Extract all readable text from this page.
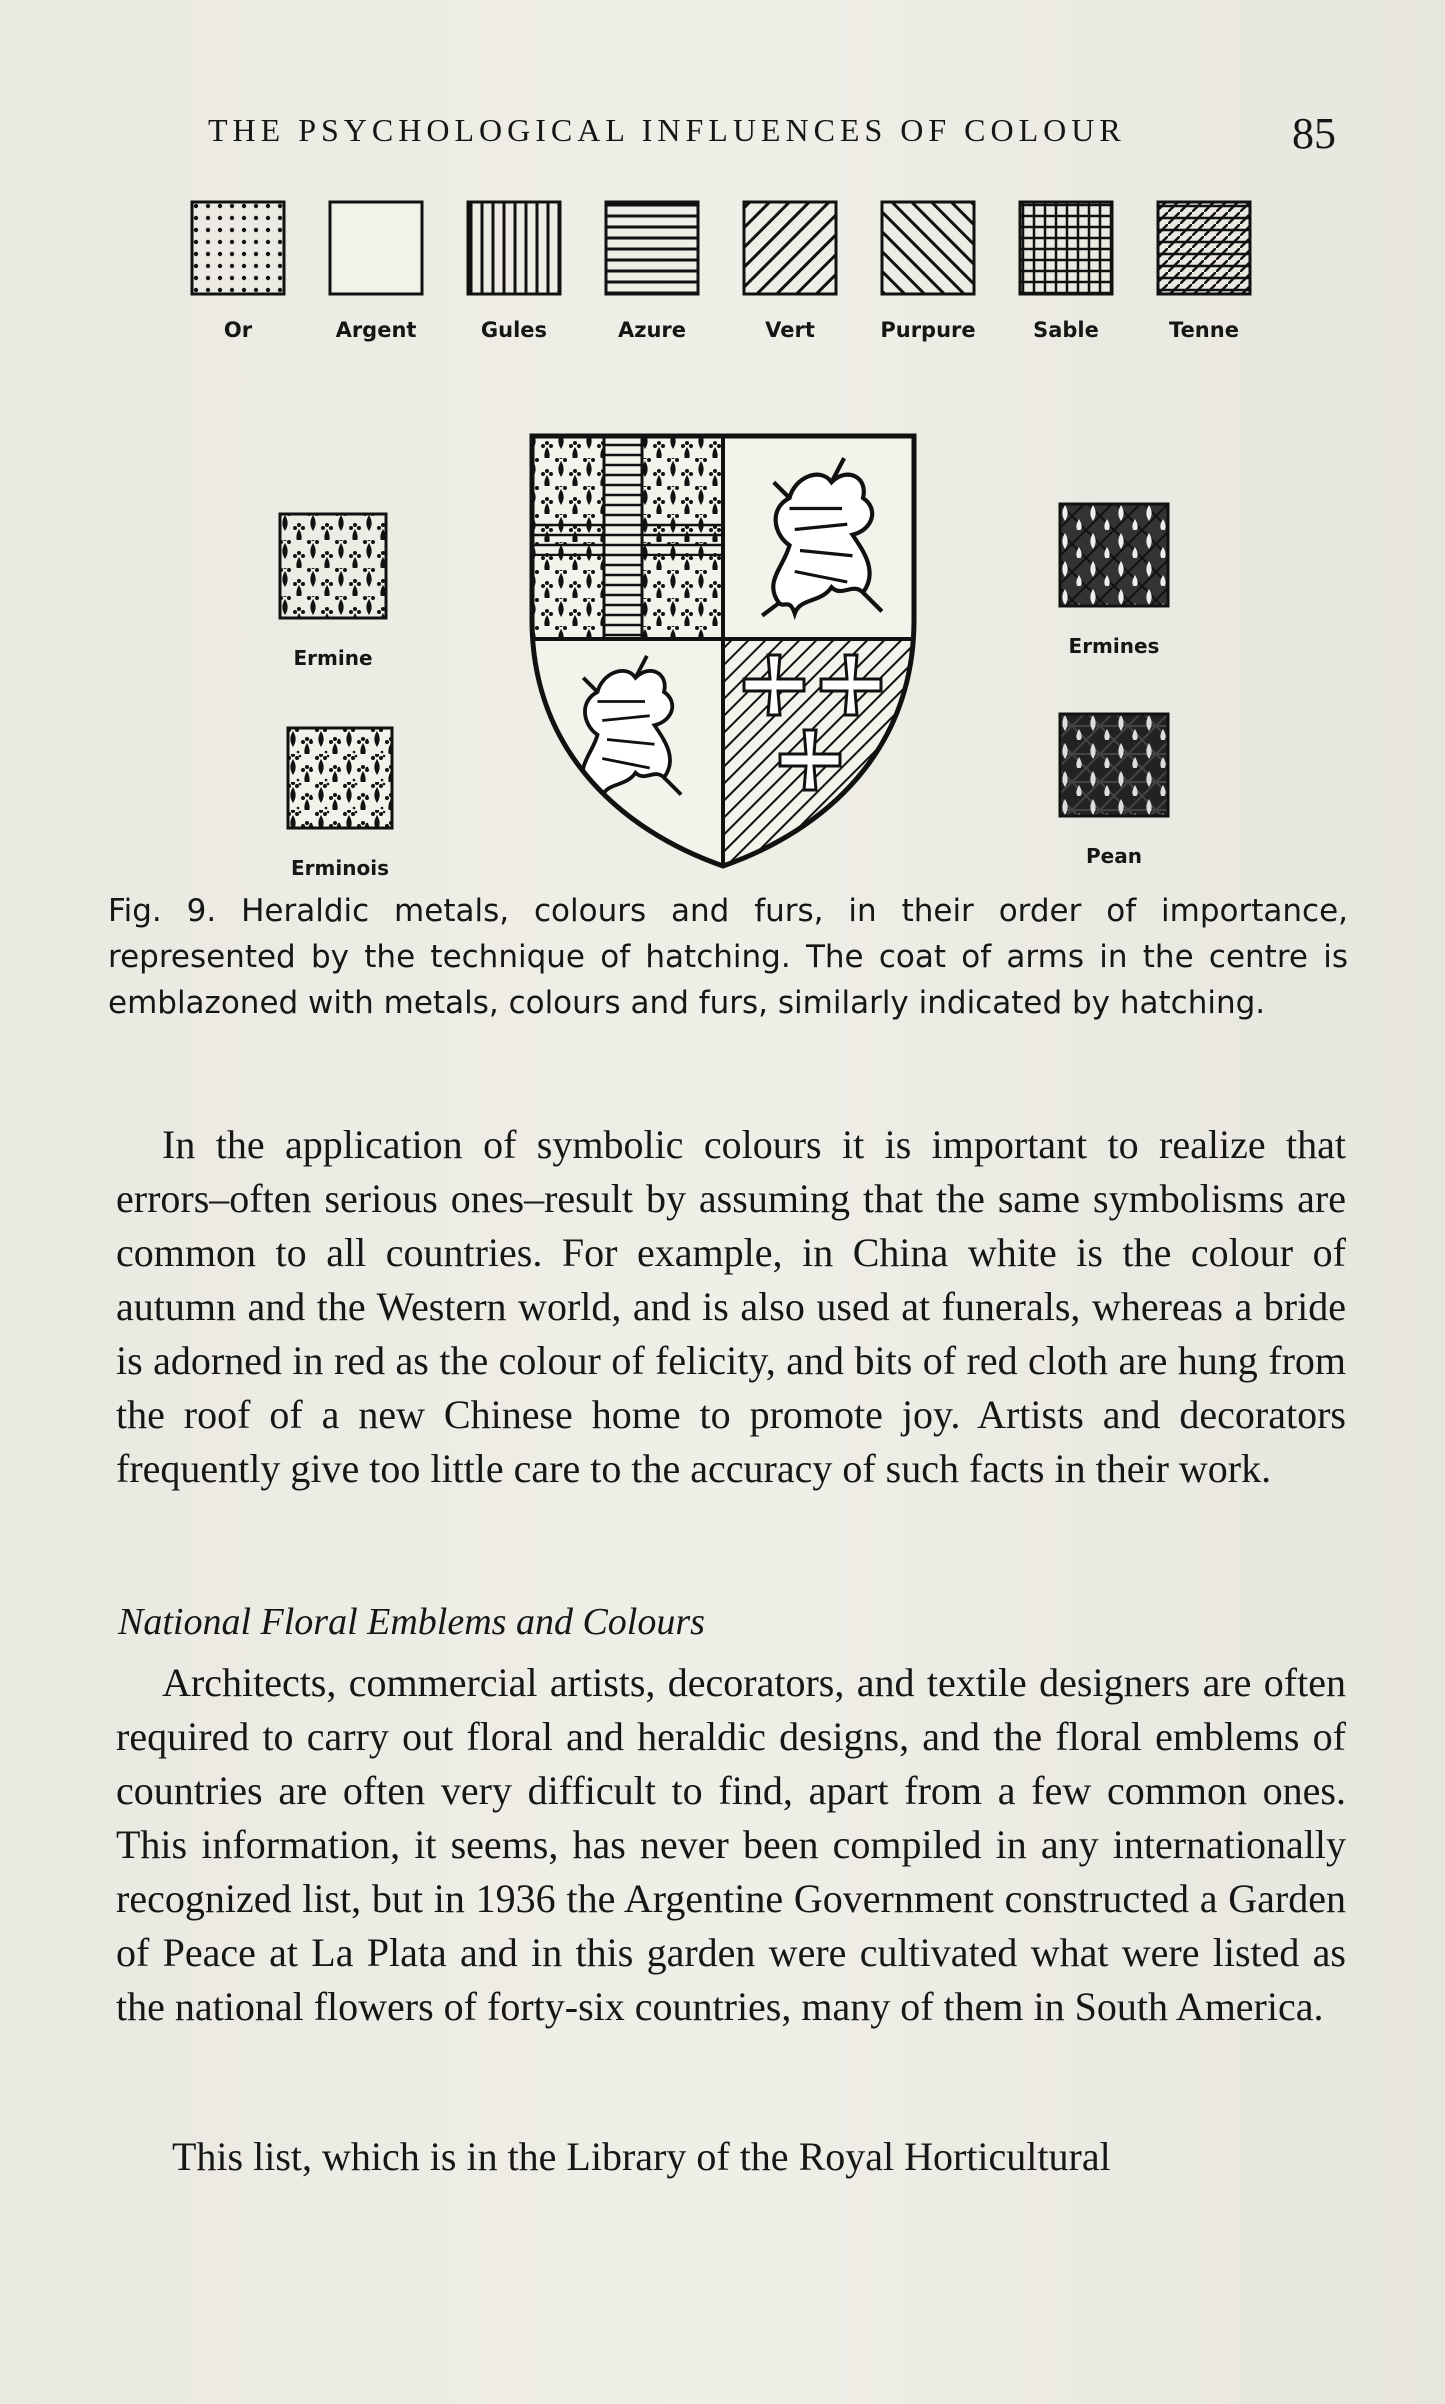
THE PSYCHOLOGICAL INFLUENCES OF COLOUR	85
Or	Argent	Gules	Azure	Vert	Purpure	Sable	Tenne
Ermine
Erminois
Ermines
Pean
Fig. 9. Heraldic metals, colours and furs, in their order of importance, represented by the technique of hatching. The coat of arms in the centre is emblazoned with metals, colours and furs, similarly indicated by hatching.

In the application of symbolic colours it is important to realize that errors–often serious ones–result by assuming that the same symbolisms are common to all countries. For example, in China white is the colour of autumn and the Western world, and is also used at funerals, whereas a bride is adorned in red as the colour of felicity, and bits of red cloth are hung from the roof of a new Chinese home to promote joy. Artists and decorators frequently give too little care to the accuracy of such facts in their work.

National Floral Emblems and Colours

Architects, commercial artists, decorators, and textile designers are often required to carry out floral and heraldic designs, and the floral emblems of countries are often very difficult to find, apart from a few common ones. This information, it seems, has never been compiled in any internationally recognized list, but in 1936 the Argentine Government constructed a Garden of Peace at La Plata and in this garden were cultivated what were listed as the national flowers of forty-six countries, many of them in South America.

This list, which is in the Library of the Royal Horticultural
